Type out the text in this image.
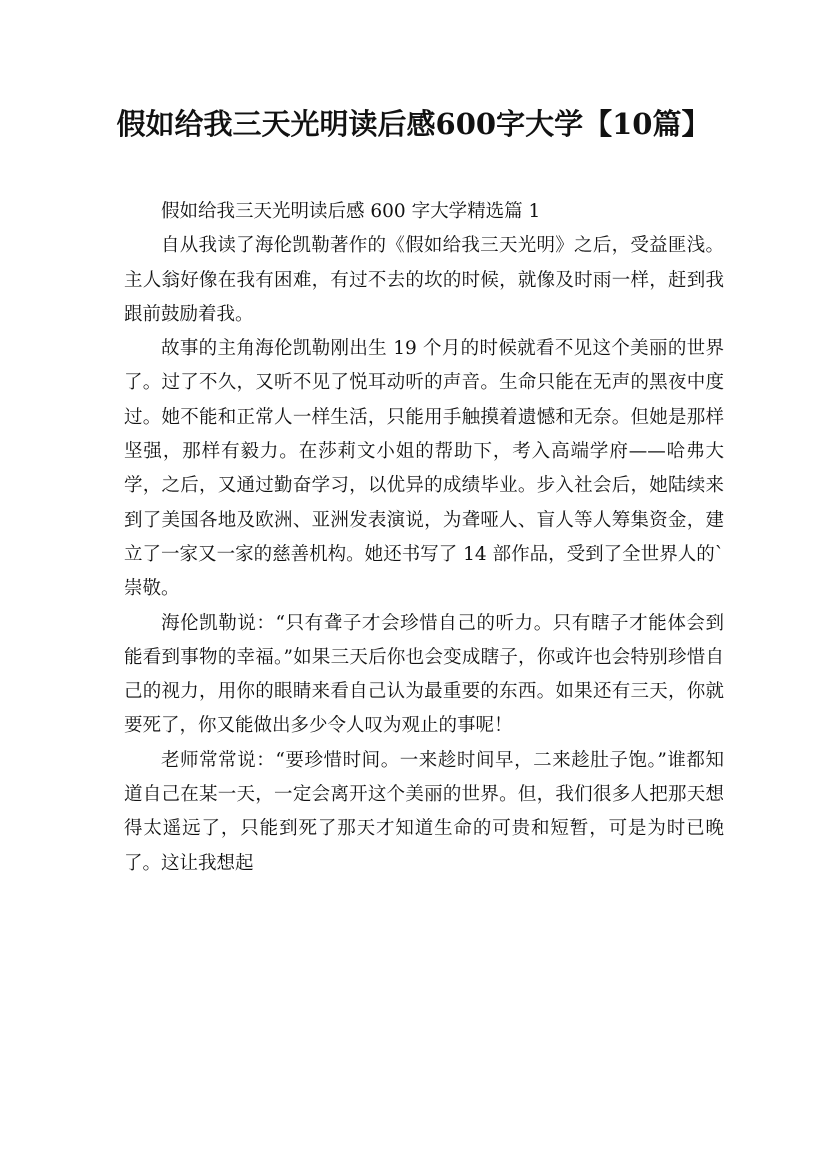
假如给我三天光明读后感600字大学【10篇】

假如给我三天光明读后感 600 字大学精选篇 1

自从我读了海伦凯勒著作的《假如给我三天光明》之后，受益匪浅。主人翁好像在我有困难，有过不去的坎的时候，就像及时雨一样，赶到我跟前鼓励着我。

故事的主角海伦凯勒刚出生 19 个月的时候就看不见这个美丽的世界了。过了不久，又听不见了悦耳动听的声音。生命只能在无声的黑夜中度过。她不能和正常人一样生活，只能用手触摸着遗憾和无奈。但她是那样坚强，那样有毅力。在莎莉文小姐的帮助下，考入高端学府——哈弗大学，之后，又通过勤奋学习，以优异的成绩毕业。步入社会后，她陆续来到了美国各地及欧洲、亚洲发表演说，为聋哑人、盲人等人筹集资金，建立了一家又一家的慈善机构。她还书写了 14 部作品，受到了全世界人的`崇敬。

海伦凯勒说：“只有聋子才会珍惜自己的听力。只有瞎子才能体会到能看到事物的幸福。”如果三天后你也会变成瞎子，你或许也会特别珍惜自己的视力，用你的眼睛来看自己认为最重要的东西。如果还有三天，你就要死了，你又能做出多少令人叹为观止的事呢！

老师常常说：“要珍惜时间。一来趁时间早，二来趁肚子饱。”谁都知道自己在某一天，一定会离开这个美丽的世界。但，我们很多人把那天想得太遥远了，只能到死了那天才知道生命的可贵和短暂，可是为时已晚了。这让我想起
